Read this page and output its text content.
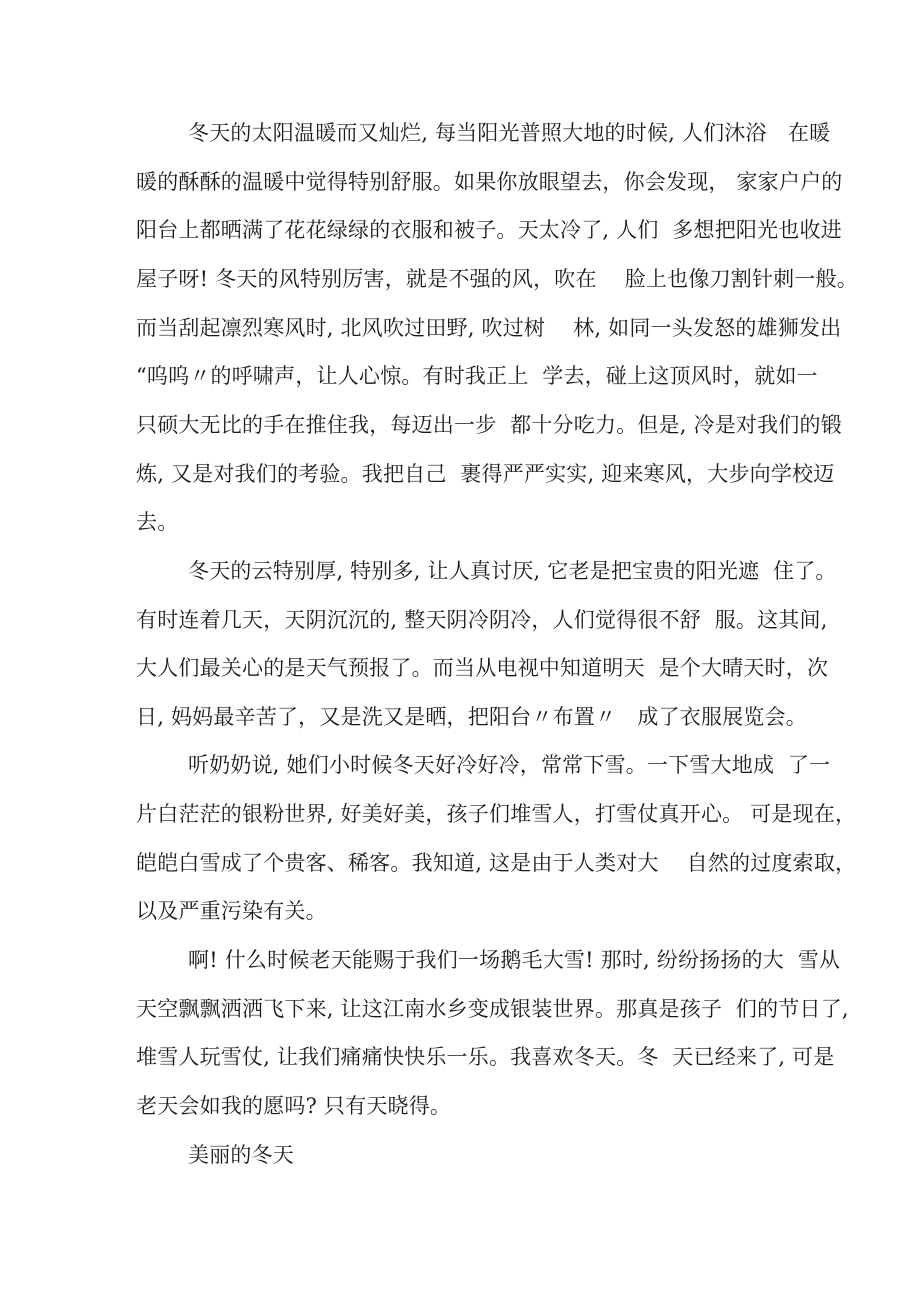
冬天的太阳温暖而又灿烂, 每当阳光普照大地的时候, 人们沐浴　在暖
暖的酥酥的温暖中觉得特别舒服。如果你放眼望去，你会发现， 家家户户的
阳台上都晒满了花花绿绿的衣服和被子。天太冷了, 人们  多想把阳光也收进
屋子呀! 冬天的风特别厉害，就是不强的风，吹在　 脸上也像刀割针刺一般。
而当刮起凛烈寒风时, 北风吹过田野, 吹过树　 林, 如同一头发怒的雄狮发出
“呜呜〃的呼啸声，让人心惊。有时我正上  学去，碰上这顶风时，就如一
只硕大无比的手在推住我，每迈出一步  都十分吃力。但是, 冷是对我们的锻
炼, 又是对我们的考验。我把自己  裹得严严实实, 迎来寒风，大步向学校迈
去。
冬天的云特别厚, 特别多, 让人真讨厌, 它老是把宝贵的阳光遮  住了。
有时连着几天，天阴沉沉的, 整天阴冷阴冷，人们觉得很不舒  服。这其间,
大人们最关心的是天气预报了。而当从电视中知道明天  是个大晴天时，次
日, 妈妈最辛苦了，又是洗又是晒，把阳台〃布置〃　成了衣服展览会。
听奶奶说, 她们小时候冬天好冷好冷，常常下雪。一下雪大地成  了一
片白茫茫的银粉世界, 好美好美，孩子们堆雪人，打雪仗真开心。 可是现在，
皑皑白雪成了个贵客、稀客。我知道, 这是由于人类对大　 自然的过度索取，
以及严重污染有关。
啊! 什么时候老天能赐于我们一场鹅毛大雪! 那时, 纷纷扬扬的大  雪从
天空飘飘洒洒飞下来, 让这江南水乡变成银装世界。那真是孩子  们的节日了,
堆雪人玩雪仗, 让我们痛痛快快乐一乐。我喜欢冬天。冬  天已经来了, 可是
老天会如我的愿吗? 只有天晓得。
美丽的冬天
